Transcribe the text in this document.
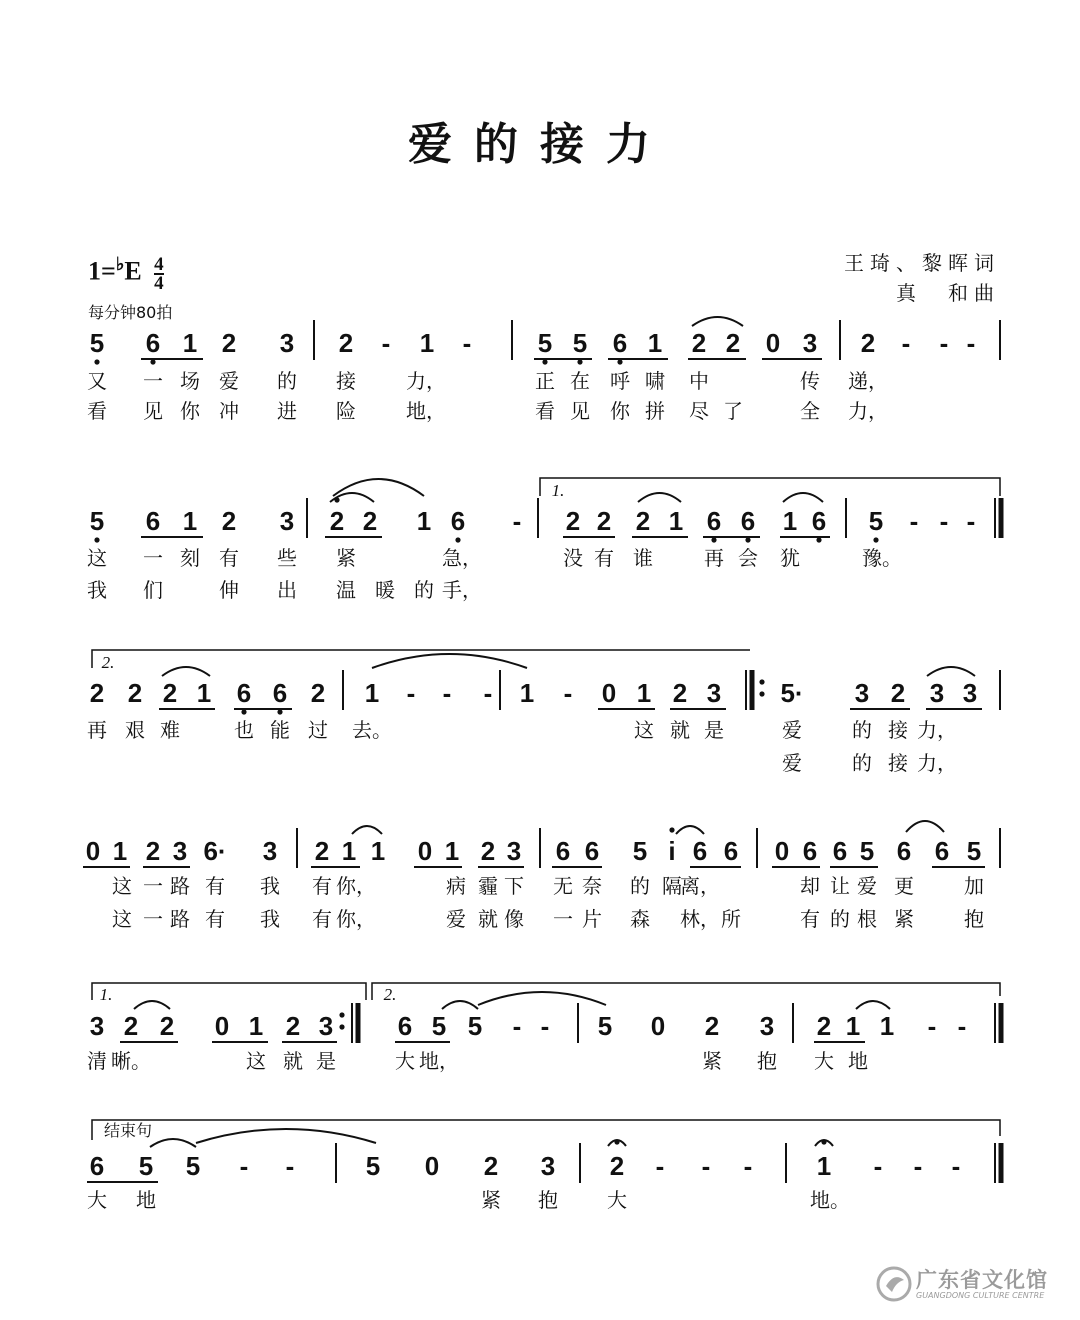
爱的接力
$1=^♭E \frac{4}{4}$
每分钟80拍
王琦、黎晖词
真　和曲
5 6 1 2 3 2 - 1 -	5 5 6 1 2 2 0 3 2 - - -
又 一 场 爱 的 接	力，	正 在 呼 啸 中	传 递，
看 见 你 冲 进 险	地，	看 见 你 拼 尽 了	全 力，
5 6 1 2 3 2 2 1 6 - 2 2 2 1 6 6 1 6 5 - - -
1.
这 一 刻 有 些 紧	急，	没 有 谁	再 会 犹	豫。
我 们	伸 出 温 暖 的 手，
2 2 2 1 6 6 2 1 - - - 1 - 0 1 2 3 5· 3 2 3 3
2.
再 艰 难	也 能 过 去。	这 就 是	爱	的 接 力，
爱	的 接 力，
0 1 2 3 6· 3 2 1 1 0 1 2 3 6 6 5 i 6 6 0 6 6 5 6 6 5
这 一 路 有 我 有 你，	病 霾 下 无 奈 的 隔
离，	却 让 爱 更	加
这 一 路 有 我 有 你，	爱 就 像 一 片 森 林， 所	有 的 根 紧	抱
3 2 2 0 1 2 3 6 5 5 - - 5 0 2 3 2 1 1 - -
1.	2.
清 晰。	这 就 是	大 地，	紧 抱 大 地
6 5 5 - -	5 0 2 3 2 - - - 1 - - -
结束句
大 地	紧 抱 大	地。
广东省文化馆
GUANGDONG CULTURE CENTRE
